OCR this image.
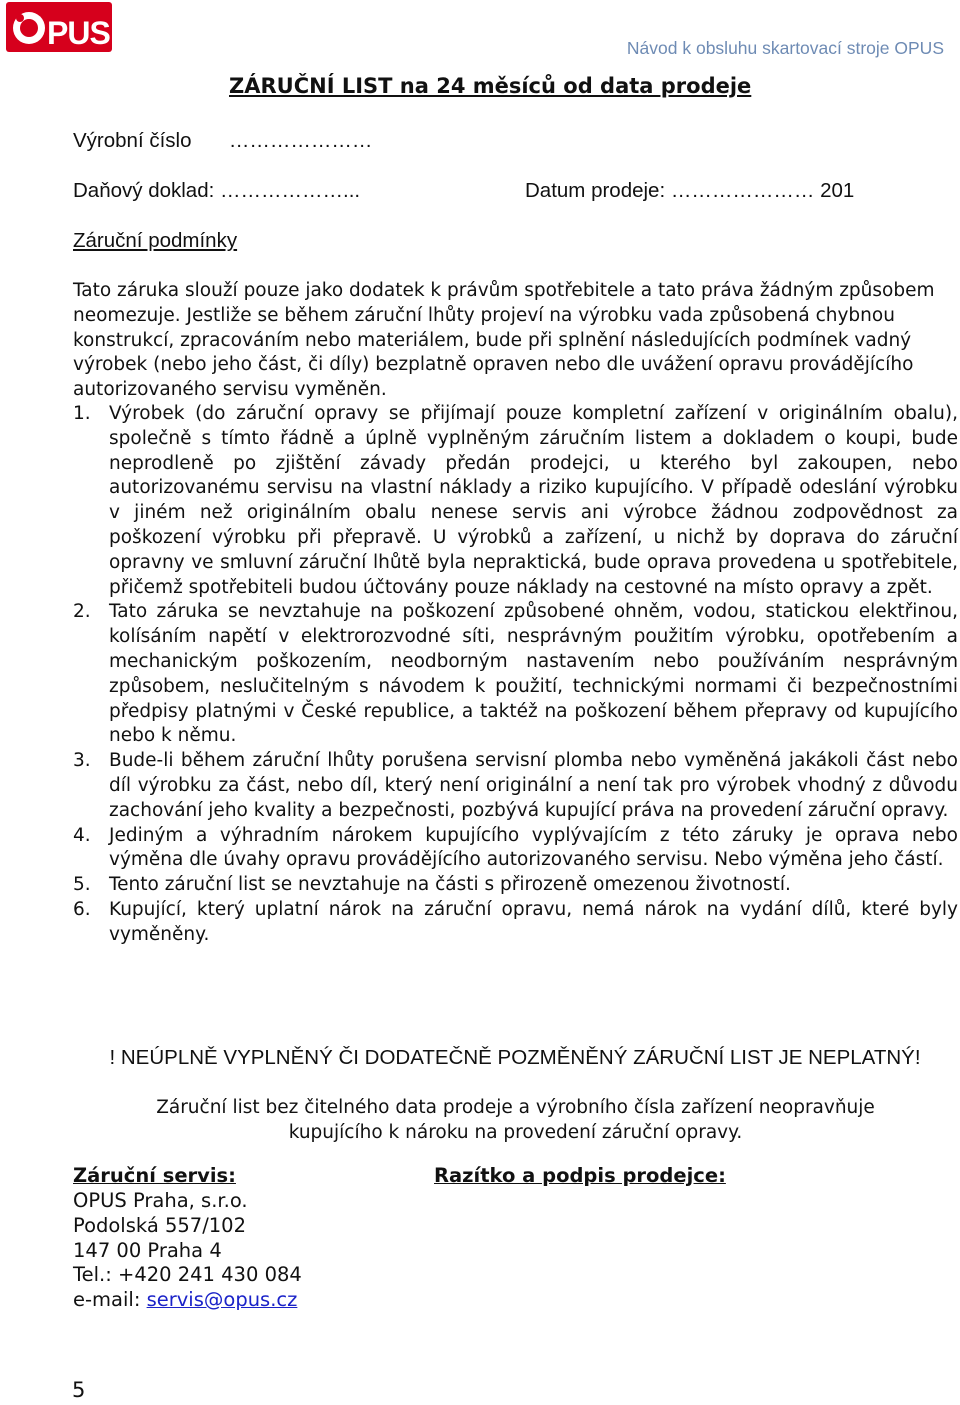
PUS	Návod k obsluhu skartovací stroje OPUS
ZÁRUČNÍ LIST na 24 měsíců od data prodeje
Výrobní číslo …………………
Daňový doklad: ………………...	Datum prodeje: ………………… 201
Záruční podmínky

Tato záruka slouží pouze jako dodatek k právům spotřebitele a tato práva žádným způsobem neomezuje. Jestliže se během záruční lhůty projeví na výrobku vada způsobená chybnou konstrukcí, zpracováním nebo materiálem, bude při splnění následujících podmínek vadný výrobek (nebo jeho část, či díly) bezplatně opraven nebo dle uvážení opravu provádějícího autorizovaného servisu vyměněn.

1. Výrobek (do záruční opravy se přijímají pouze kompletní zařízení v originálním obalu), společně s tímto řádně a úplně vyplněným záručním listem a dokladem o koupi, bude neprodleně po zjištění závady předán prodejci, u kterého byl zakoupen, nebo autorizovanému servisu na vlastní náklady a riziko kupujícího. V případě odeslání výrobku v jiném než originálním obalu nenese servis ani výrobce žádnou zodpovědnost za poškození výrobku při přepravě. U výrobků a zařízení, u nichž by doprava do záruční opravny ve smluvní záruční lhůtě byla nepraktická, bude oprava provedena u spotřebitele, přičemž spotřebiteli budou účtovány pouze náklady na cestovné na místo opravy a zpět.
2. Tato záruka se nevztahuje na poškození způsobené ohněm, vodou, statickou elektřinou, kolísáním napětí v elektrorozvodné síti, nesprávným použitím výrobku, opotřebením a mechanickým poškozením, neodborným nastavením nebo používáním nesprávným způsobem, neslučitelným s návodem k použití, technickými normami či bezpečnostními předpisy platnými v České republice, a taktéž na poškození během přepravy od kupujícího nebo k němu.
3. Bude-li během záruční lhůty porušena servisní plomba nebo vyměněná jakákoli část nebo díl výrobku za část, nebo díl, který není originální a není tak pro výrobek vhodný z důvodu zachování jeho kvality a bezpečnosti, pozbývá kupující práva na provedení záruční opravy.
4. Jediným a výhradním nárokem kupujícího vyplývajícím z této záruky je oprava nebo výměna dle úvahy opravu provádějícího autorizovaného servisu. Nebo výměna jeho částí.
5. Tento záruční list se nevztahuje na části s přirozeně omezenou životností.
6. Kupující, který uplatní nárok na záruční opravu, nemá nárok na vydání dílů, které byly vyměněny.
! NEÚPLNĚ VYPLNĚNÝ ČI DODATEČNĚ POZMĚNĚNÝ ZÁRUČNÍ LIST JE NEPLATNÝ!
Záruční list bez čitelného data prodeje a výrobního čísla zařízení neopravňuje
kupujícího k nároku na provedení záruční opravy.
Záruční servis:	Razítko a podpis prodejce:
OPUS Praha, s.r.o.
Podolská 557/102
147 00 Praha 4
Tel.: +420 241 430 084
e-mail: servis@opus.cz
5
